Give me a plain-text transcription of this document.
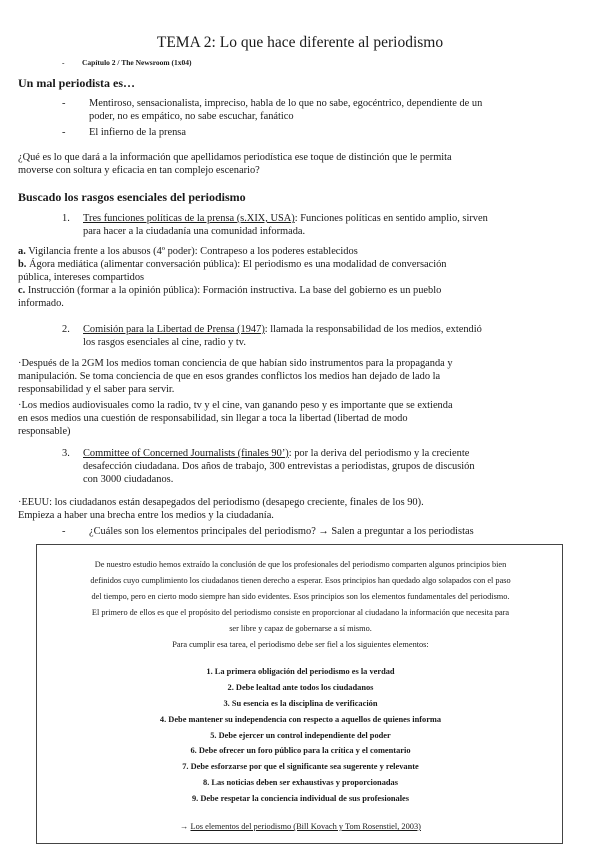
TEMA 2: Lo que hace diferente al periodismo
- Capítulo 2 / The Newsroom (1x04)
Un mal periodista es…
- Mentiroso, sensacionalista, impreciso, habla de lo que no sabe, egocéntrico, dependiente de un
poder, no es empático, no sabe escuchar, fanático
- El infierno de la prensa
¿Qué es lo que dará a la información que apellidamos periodística ese toque de distinción que le permita
moverse con soltura y eficacia en tan complejo escenario?
Buscado los rasgos esenciales del periodismo
1. Tres funciones políticas de la prensa (s.XIX, USA): Funciones políticas en sentido amplio, sirven
para hacer a la ciudadanía una comunidad informada.
a. Vigilancia frente a los abusos (4º poder): Contrapeso a los poderes establecidos
b. Ágora mediática (alimentar conversación pública): El periodismo es una modalidad de conversación
pública, intereses compartidos
c. Instrucción (formar a la opinión pública): Formación instructiva. La base del gobierno es un pueblo
informado.
2. Comisión para la Libertad de Prensa (1947): llamada la responsabilidad de los medios, extendió
los rasgos esenciales al cine, radio y tv.
·Después de la 2GM los medios toman conciencia de que habían sido instrumentos para la propaganda y
manipulación. Se toma conciencia de que en esos grandes conflictos los medios han dejado de lado la
responsabilidad y el saber para servir.
·Los medios audiovisuales como la radio, tv y el cine, van ganando peso y es importante que se extienda
en esos medios una cuestión de responsabilidad, sin llegar a toca la libertad (libertad de modo
responsable)
3. Committee of Concerned Journalists (finales 90’): por la deriva del periodismo y la creciente
desafección ciudadana. Dos años de trabajo, 300 entrevistas a periodistas, grupos de discusión
con 3000 ciudadanos.
·EEUU: los ciudadanos están desapegados del periodismo (desapego creciente, finales de los 90).
Empieza a haber una brecha entre los medios y la ciudadanía.
- ¿Cuáles son los elementos principales del periodismo? → Salen a preguntar a los periodistas
De nuestro estudio hemos extraído la conclusión de que los profesionales del periodismo comparten algunos principios bien
definidos cuyo cumplimiento los ciudadanos tienen derecho a esperar. Esos principios han quedado algo solapados con el paso
del tiempo, pero en cierto modo siempre han sido evidentes. Esos principios son los elementos fundamentales del periodismo.
El primero de ellos es que el propósito del periodismo consiste en proporcionar al ciudadano la información que necesita para
ser libre y capaz de gobernarse a sí mismo.
Para cumplir esa tarea, el periodismo debe ser fiel a los siguientes elementos:
1. La primera obligación del periodismo es la verdad
2. Debe lealtad ante todos los ciudadanos
3. Su esencia es la disciplina de verificación
4. Debe mantener su independencia con respecto a aquellos de quienes informa
5. Debe ejercer un control independiente del poder
6. Debe ofrecer un foro público para la crítica y el comentario
7. Debe esforzarse por que el significante sea sugerente y relevante
8. Las noticias deben ser exhaustivas y proporcionadas
9. Debe respetar la conciencia individual de sus profesionales
→ Los elementos del periodismo (Bill Kovach y Tom Rosenstiel, 2003)
